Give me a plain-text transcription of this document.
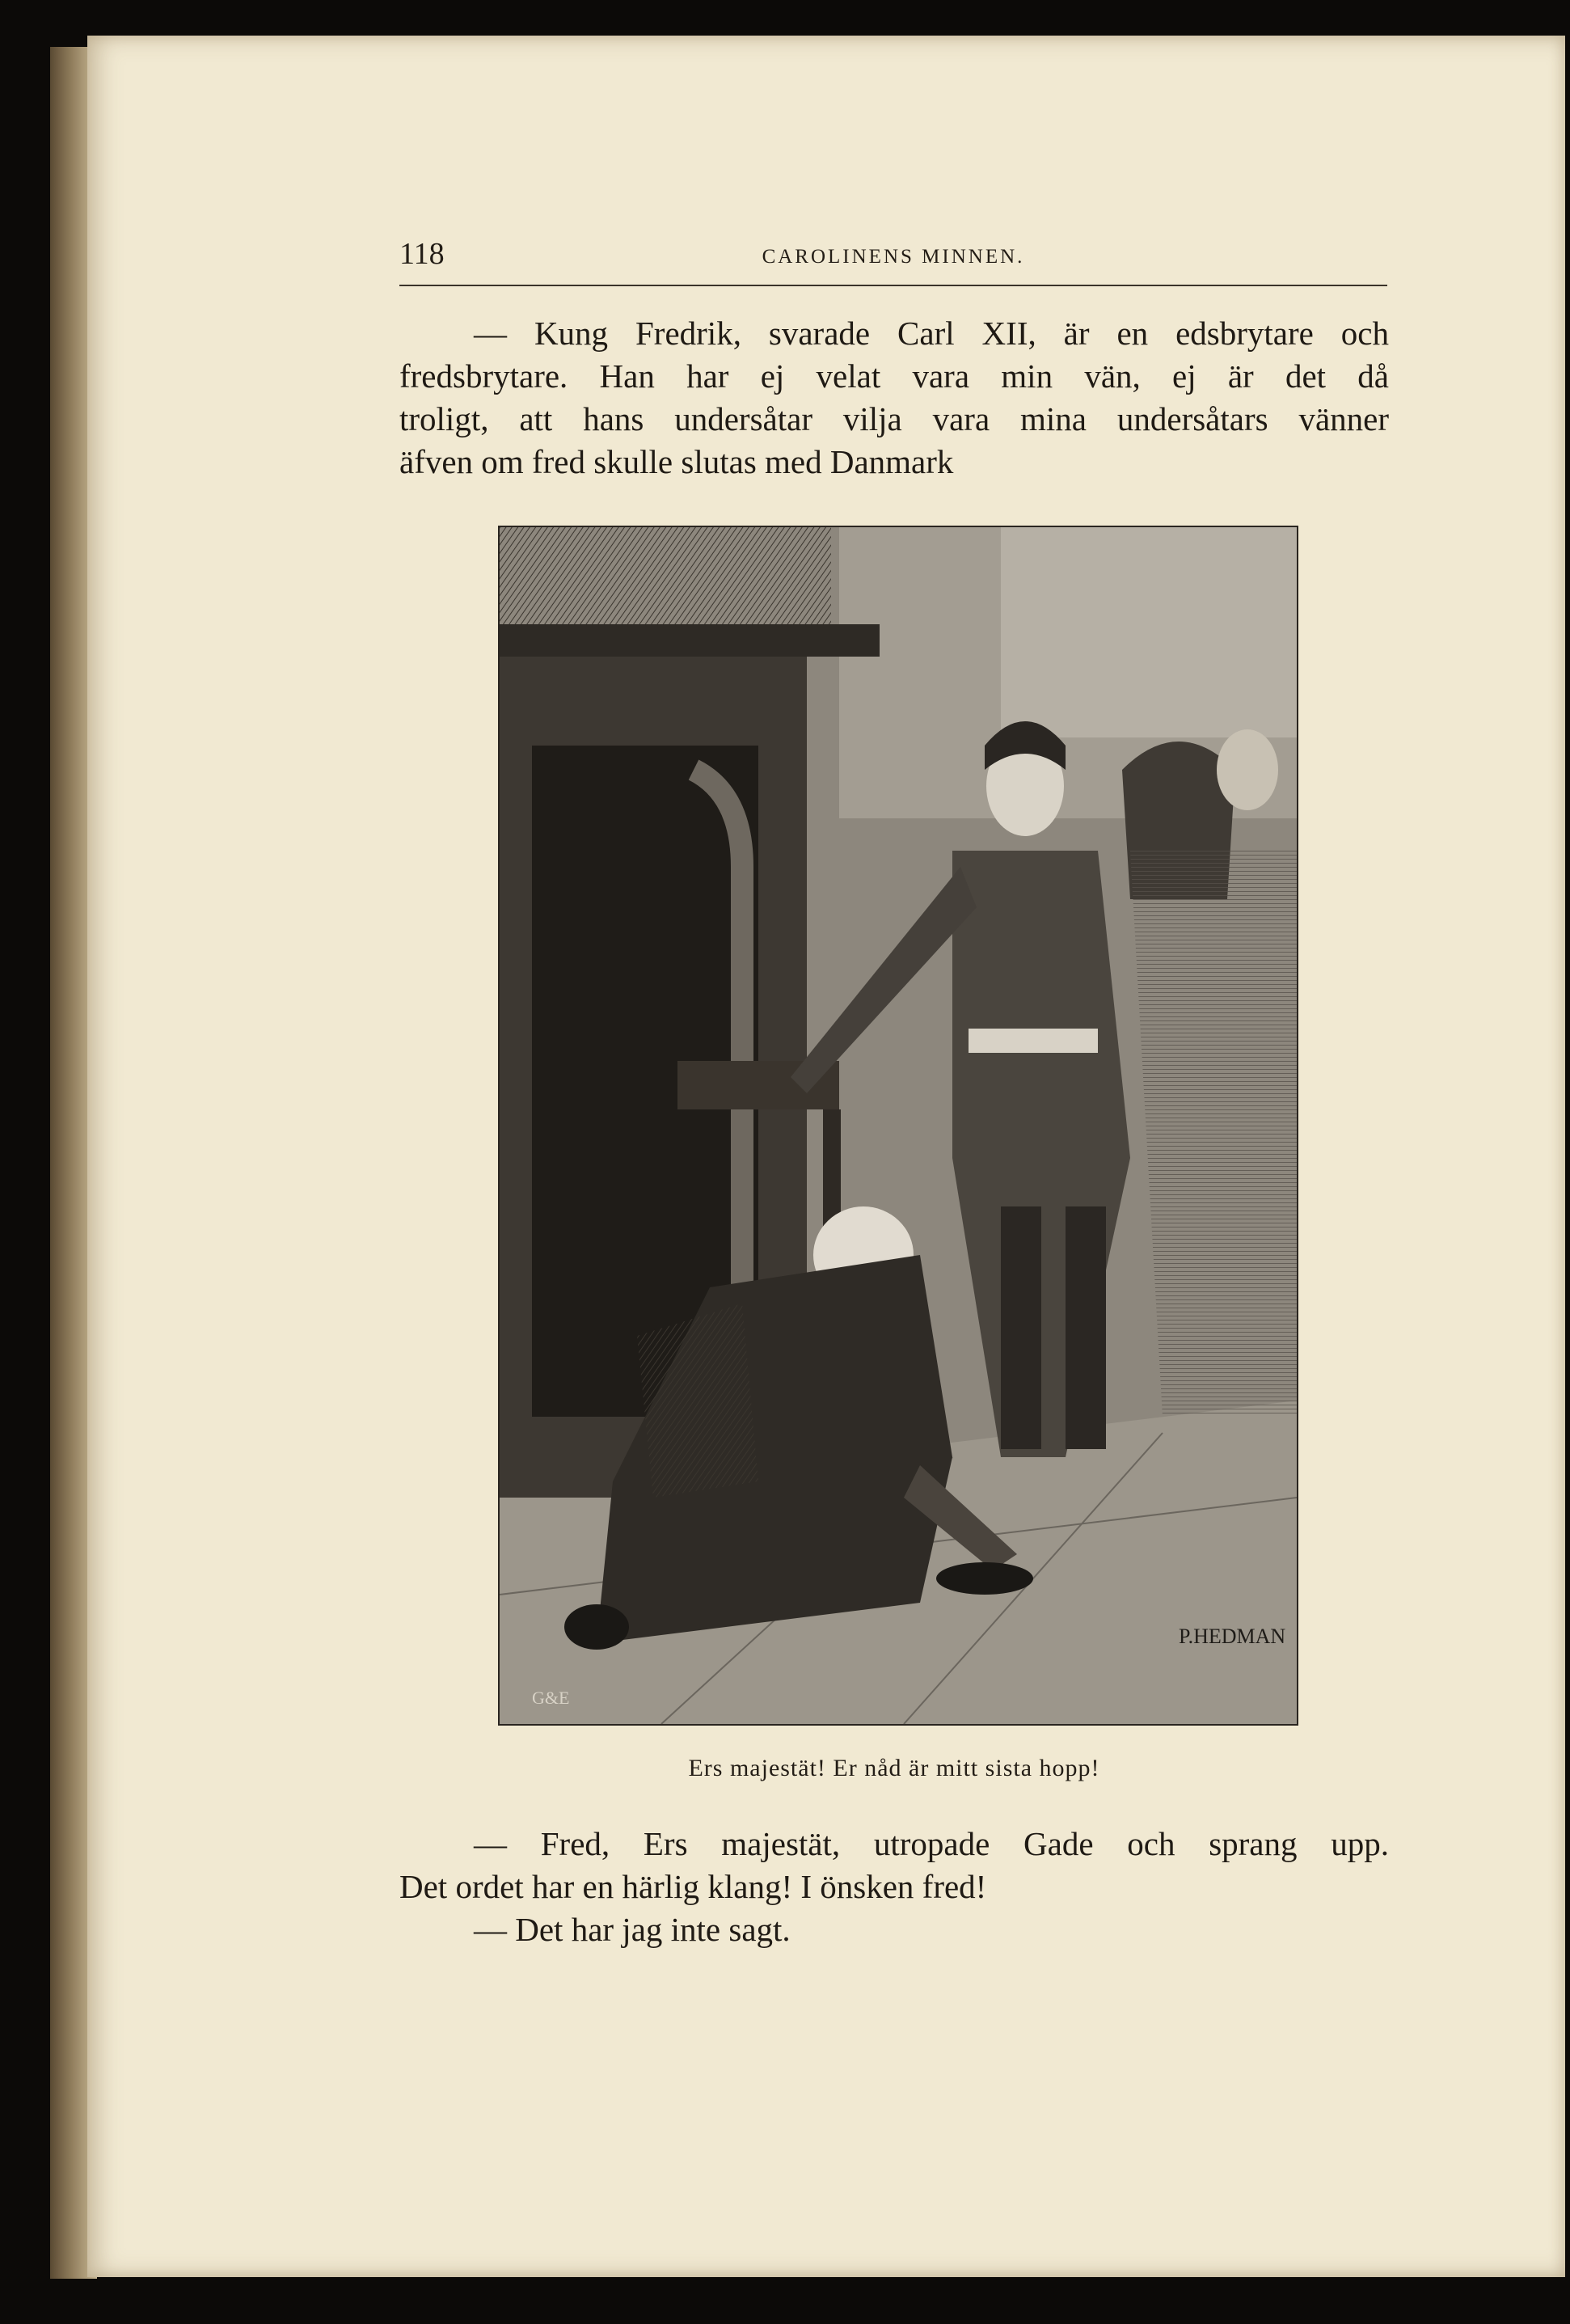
118	CAROLINENS MINNEN.
— Kung Fredrik, svarade Carl XII, är en edsbrytare och
fredsbrytare. Han har ej velat vara min vän, ej är det då
troligt, att hans undersåtar vilja vara mina undersåtars vänner
äfven om fred skulle slutas med Danmark
P.HEDMAN
G&E
Ers majestät! Er nåd är mitt sista hopp!
— Fred, Ers majestät, utropade Gade och sprang upp.
Det ordet har en härlig klang! I önsken fred!
— Det har jag inte sagt.
